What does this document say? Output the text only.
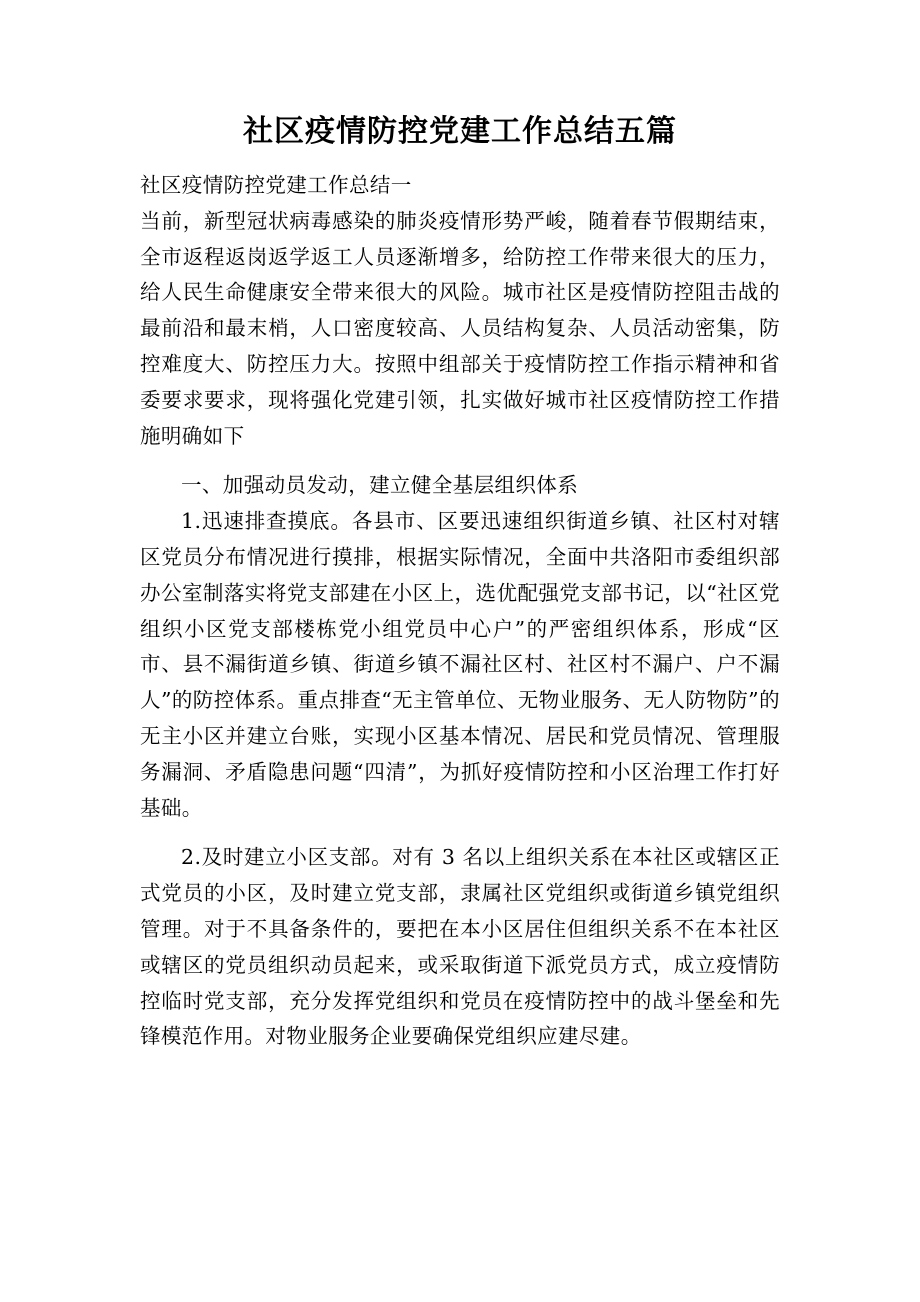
社区疫情防控党建工作总结五篇

社区疫情防控党建工作总结一

当前，新型冠状病毒感染的肺炎疫情形势严峻，随着春节假期结束，全市返程返岗返学返工人员逐渐增多，给防控工作带来很大的压力，给人民生命健康安全带来很大的风险。城市社区是疫情防控阻击战的最前沿和最末梢，人口密度较高、人员结构复杂、人员活动密集，防控难度大、防控压力大。按照中组部关于疫情防控工作指示精神和省委要求要求，现将强化党建引领，扎实做好城市社区疫情防控工作措施明确如下

一、加强动员发动，建立健全基层组织体系

1.迅速排查摸底。各县市、区要迅速组织街道乡镇、社区村对辖区党员分布情况进行摸排，根据实际情况，全面中共洛阳市委组织部办公室制落实将党支部建在小区上，选优配强党支部书记，以“社区党组织小区党支部楼栋党小组党员中心户”的严密组织体系，形成“区市、县不漏街道乡镇、街道乡镇不漏社区村、社区村不漏户、户不漏人”的防控体系。重点排查“无主管单位、无物业服务、无人防物防”的无主小区并建立台账，实现小区基本情况、居民和党员情况、管理服务漏洞、矛盾隐患问题“四清”，为抓好疫情防控和小区治理工作打好基础。

2.及时建立小区支部。对有 3 名以上组织关系在本社区或辖区正式党员的小区，及时建立党支部，隶属社区党组织或街道乡镇党组织管理。对于不具备条件的，要把在本小区居住但组织关系不在本社区或辖区的党员组织动员起来，或采取街道下派党员方式，成立疫情防控临时党支部，充分发挥党组织和党员在疫情防控中的战斗堡垒和先锋模范作用。对物业服务企业要确保党组织应建尽建。
